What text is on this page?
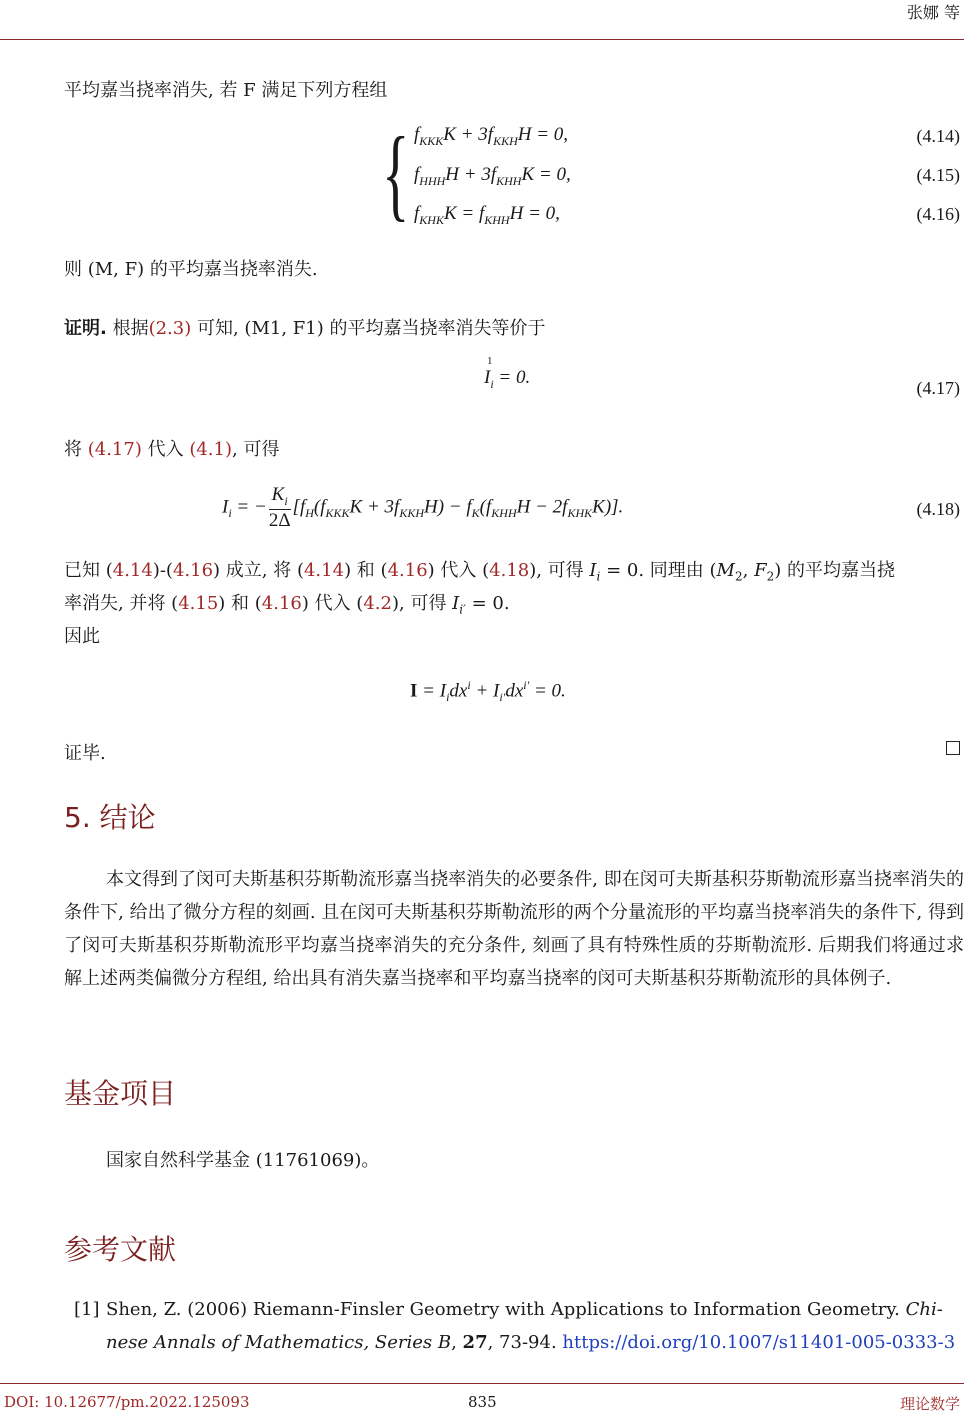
张娜 等
平均嘉当挠率消失, 若 F 满足下列方程组
{ $f_{KKK}K + 3f_{KKH}H = 0$,	(4.14)
$f_{HHH}H + 3f_{KHH}K = 0$,	(4.15)
$f_{KHK}K = f_{KHH}H = 0$,	(4.16)
则 (M, F) 的平均嘉当挠率消失.
证明. 根据(2.3) 可知, (M1, F1) 的平均嘉当挠率消失等价于
I
1
$_i$ = 0.	(4.17)
将 (4.17) 代入 (4.1), 可得
$I_i$ = − $\frac{K_i}{2\Delta} [f_H(f_{KKK}K + 3f_{KKH}H) - f_K(f_{KHH}H - 2f_{KHK}K)]$.	(4.18)
已知 (4.14)-(4.16) 成立, 将 (4.14) 和 (4.16) 代入 (4.18), 可得 $I_i = 0$. 同理由 ($M_2$, $F_2$) 的平均嘉当挠
率消失, 并将 (4.15) 和 (4.16) 代入 (4.2), 可得 $I_{i'} = 0$.
因此
$I = I_idx^i + I_{i'}dx^{i'} = 0$.
证毕.
5. 结论
本文得到了闵可夫斯基积芬斯勒流形嘉当挠率消失的必要条件, 即在闵可夫斯基积芬斯勒流形嘉当挠率消失的条件下, 给出了微分方程的刻画. 且在闵可夫斯基积芬斯勒流形的两个分量流形的平均嘉当挠率消失的条件下, 得到了闵可夫斯基积芬斯勒流形平均嘉当挠率消失的充分条件, 刻画了具有特殊性质的芬斯勒流形. 后期我们将通过求解上述两类偏微分方程组, 给出具有消失嘉当挠率和平均嘉当挠率的闵可夫斯基积芬斯勒流形的具体例子.
基金项目
国家自然科学基金 (11761069)。
参考文献
[1] Shen, Z. (2006) Riemann-Finsler Geometry with Applications to Information Geometry. Chi-
nese Annals of Mathematics, Series B, 27, 73-94. https://doi.org/10.1007/s11401-005-0333-3
DOI: 10.12677/pm.2022.125093	835	理论数学
